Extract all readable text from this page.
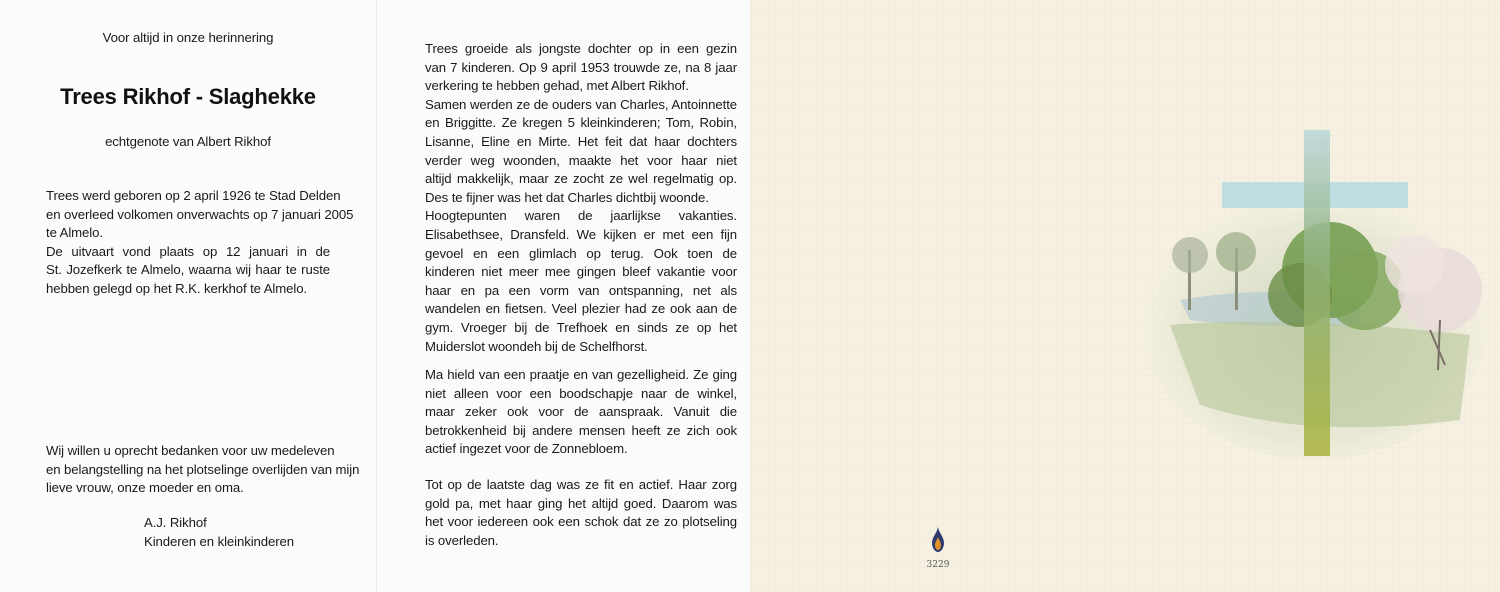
Voor altijd in onze herinnering
Trees Rikhof - Slaghekke
echtgenote van Albert Rikhof
Trees werd geboren op 2 april 1926 te Stad Delden
en overleed volkomen onverwachts op 7 januari 2005
te Almelo.
De uitvaart vond plaats op 12 januari in de
St. Jozefkerk te Almelo, waarna wij haar te ruste
hebben gelegd op het R.K. kerkhof te Almelo.
Wij willen u oprecht bedanken voor uw medeleven
en belangstelling na het plotselinge overlijden van mijn
lieve vrouw, onze moeder en oma.
A.J. Rikhof
Kinderen en kleinkinderen
Trees groeide als jongste dochter op in een gezin
van 7 kinderen. Op 9 april 1953 trouwde ze, na 8 jaar
verkering te hebben gehad, met Albert Rikhof.
Samen werden ze de ouders van Charles, Antoinnette
en Briggitte. Ze kregen 5 kleinkinderen; Tom, Robin,
Lisanne, Eline en Mirte. Het feit dat haar dochters
verder weg woonden, maakte het voor haar niet
altijd makkelijk, maar ze zocht ze wel regelmatig op.
Des te fijner was het dat Charles dichtbij woonde.
Hoogtepunten waren de jaarlijkse vakanties.
Elisabethsee, Dransfeld. We kijken er met een fijn
gevoel en een glimlach op terug. Ook toen de
kinderen niet meer mee gingen bleef vakantie voor
haar en pa een vorm van ontspanning, net als
wandelen en fietsen. Veel plezier had ze ook aan de
gym. Vroeger bij de Trefhoek en sinds ze op het
Muiderslot woondeh bij de Schelfhorst.
Ma hield van een praatje en van gezelligheid. Ze ging
niet alleen voor een boodschapje naar de winkel,
maar zeker ook voor de aanspraak. Vanuit die
betrokkenheid bij andere mensen heeft ze zich ook
actief ingezet voor de Zonnebloem.
Tot op de laatste dag was ze fit en actief. Haar zorg
gold pa, met haar ging het altijd goed. Daarom was
het voor iedereen ook een schok dat ze zo plotseling
is overleden.
3229
